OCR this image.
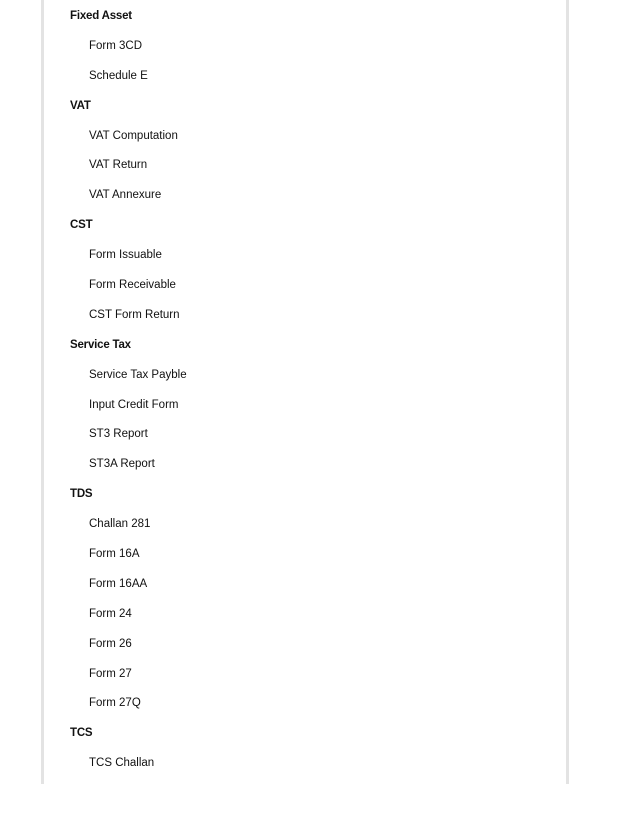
Fixed Asset
Form 3CD
Schedule E
VAT
VAT Computation
VAT Return
VAT Annexure
CST
Form Issuable
Form Receivable
CST Form Return
Service Tax
Service Tax Payble
Input Credit Form
ST3 Report
ST3A Report
TDS
Challan 281
Form 16A
Form 16AA
Form 24
Form 26
Form 27
Form 27Q
TCS
TCS Challan
